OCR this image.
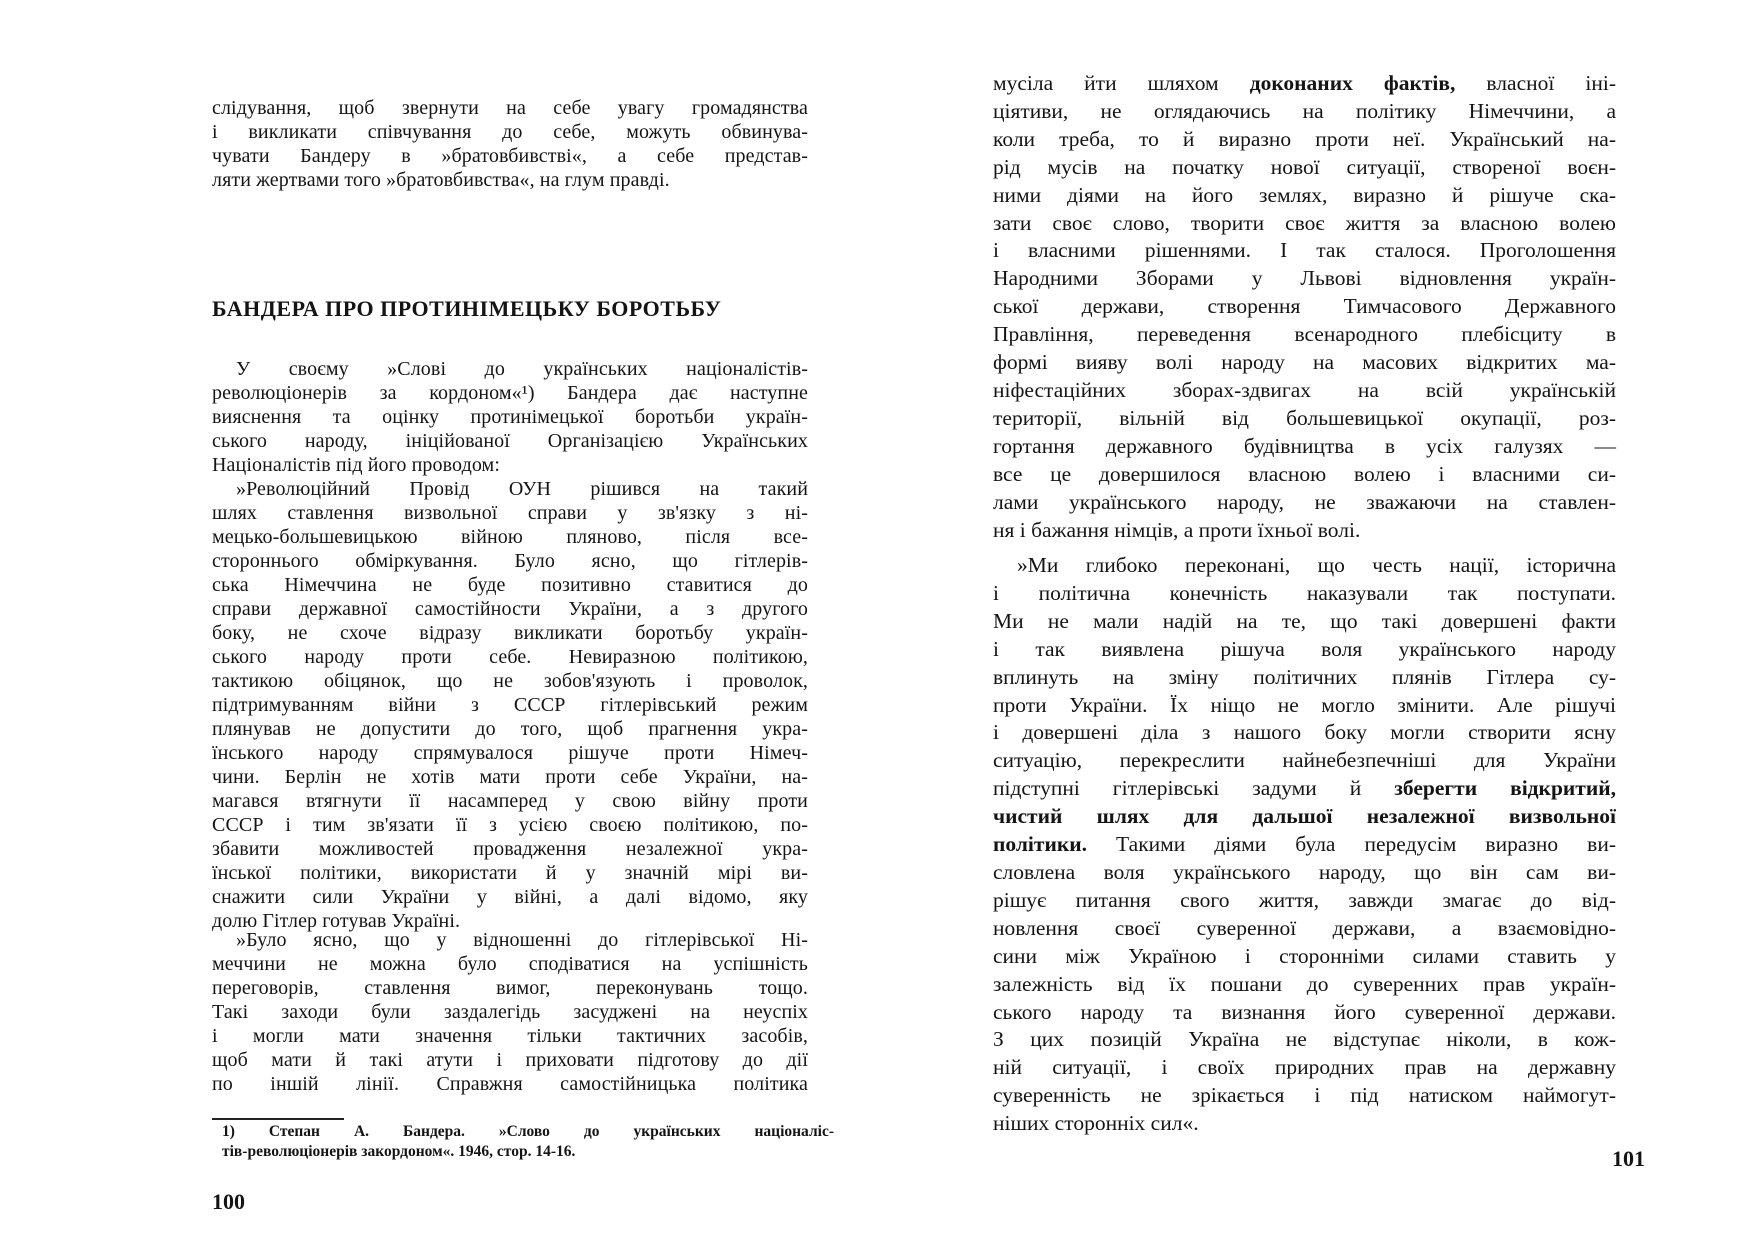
слідування, щоб звернути на себе увагу громадянства
і викликати співчування до себе, можуть обвинува-
чувати Бандеру в »братовбивстві«, а себе представ-
ляти жертвами того »братовбивства«, на глум правді.
БАНДЕРА ПРО ПРОТИНІМЕЦЬКУ БОРОТЬБУ
У своєму »Слові до українських націоналістів-
революціонерів за кордоном«¹) Бандера дає наступне
вияснення та оцінку протинімецької боротьби україн-
ського народу, ініційованої Організацією Українських
Націоналістів під його проводом:
»Революційний Провід ОУН рішився на такий
шлях ставлення визвольної справи у зв'язку з ні-
мецько-большевицькою війною пляново, після все-
стороннього обміркування. Було ясно, що гітлерів-
ська Німеччина не буде позитивно ставитися до
справи державної самостійности України, а з другого
боку, не схоче відразу викликати боротьбу україн-
ського народу проти себе. Невиразною політикою,
тактикою обіцянок, що не зобов'язують і проволок,
підтримуванням війни з СССР гітлерівський режим
плянував не допустити до того, щоб прагнення укра-
їнського народу спрямувалося рішуче проти Німеч-
чини. Берлін не хотів мати проти себе України, на-
магався втягнути її насамперед у свою війну проти
СССР і тим зв'язати її з усією своєю політикою, по-
збавити можливостей провадження незалежної укра-
їнської політики, використати й у значній мірі ви-
снажити сили України у війні, а далі відомо, яку
долю Гітлер готував Україні.
»Було ясно, що у відношенні до гітлерівської Ні-
меччини не можна було сподіватися на успішність
переговорів, ставлення вимог, переконувань тощо.
Такі заходи були заздалегідь засуджені на неуспіх
і могли мати значення тільки тактичних засобів,
щоб мати й такі атути і приховати підготову до дії
по іншій лінії. Справжня самостійницька політика
1) Степан А. Бандера. »Слово до українських націоналіс-
тів-революціонерів закордоном«. 1946, стор. 14-16.
100
мусіла йти шляхом доконаних фактів, власної іні-
ціятиви, не оглядаючись на політику Німеччини, а
коли треба, то й виразно проти неї. Український на-
рід мусів на початку нової ситуації, створеної воєн-
ними діями на його землях, виразно й рішуче ска-
зати своє слово, творити своє життя за власною волею
і власними рішеннями. І так сталося. Проголошення
Народними Зборами у Львові відновлення україн-
ської держави, створення Тимчасового Державного
Правління, переведення всенародного плебісциту в
формі вияву волі народу на масових відкритих ма-
ніфестаційних зборах-здвигах на всій українській
території, вільній від большевицької окупації, роз-
гортання державного будівництва в усіх галузях —
все це довершилося власною волею і власними си-
лами українського народу, не зважаючи на ставлен-
ня і бажання німців, а проти їхньої волі.
»Ми глибоко переконані, що честь нації, історична
і політична конечність наказували так поступати.
Ми не мали надій на те, що такі довершені факти
і так виявлена рішуча воля українського народу
вплинуть на зміну політичних плянів Гітлера су-
проти України. Їх ніщо не могло змінити. Але рішучі
і довершені діла з нашого боку могли створити ясну
ситуацію, перекреслити найнебезпечніші для України
підступні гітлерівські задуми й зберегти відкритий,
чистий шлях для дальшої незалежної визвольної
політики. Такими діями була передусім виразно ви-
словлена воля українського народу, що він сам ви-
рішує питання свого життя, завжди змагає до від-
новлення своєї суверенної держави, а взаємовідно-
сини між Україною і сторонніми силами ставить у
залежність від їх пошани до суверенних прав україн-
ського народу та визнання його суверенної держави.
З цих позицій Україна не відступає ніколи, в кож-
ній ситуації, і своїх природних прав на державну
суверенність не зрікається і під натиском наймогут-
ніших сторонніх сил«.
101
